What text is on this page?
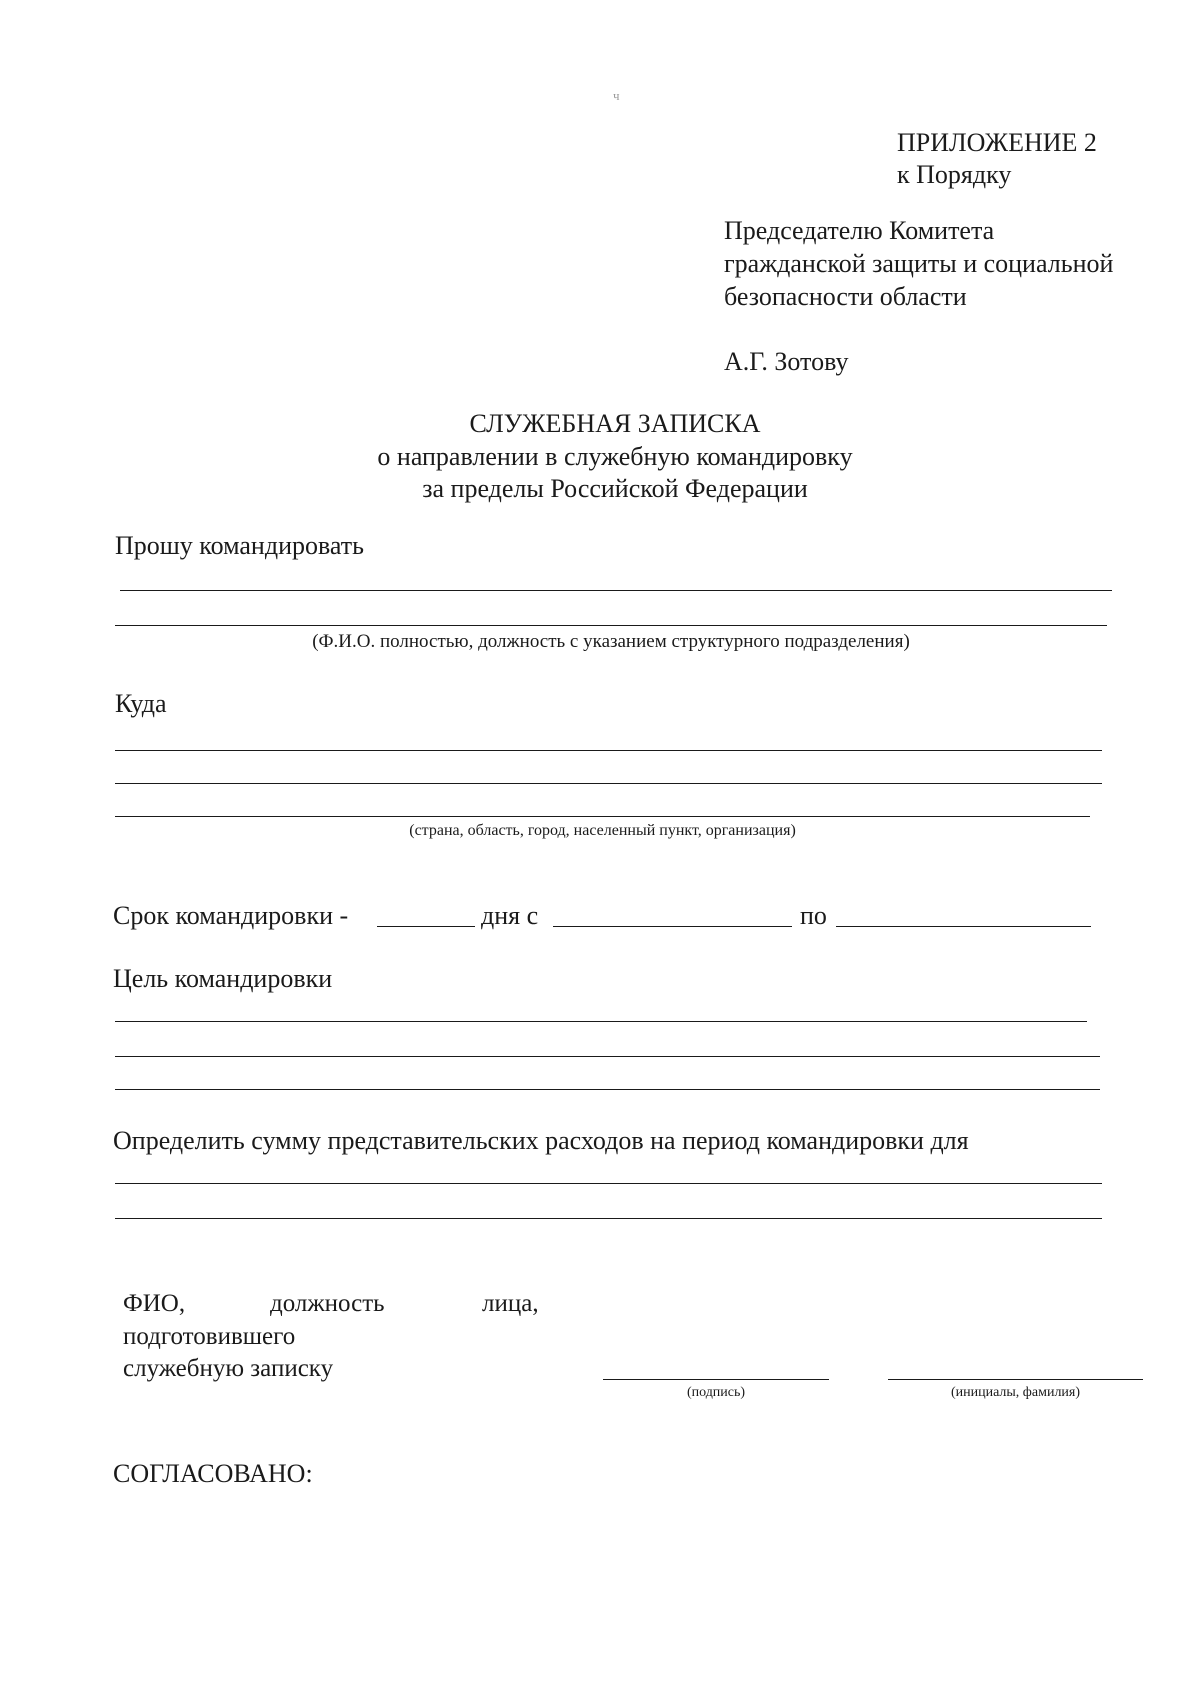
ч
ПРИЛОЖЕНИЕ 2
к Порядку
Председателю Комитета
гражданской защиты и социальной
безопасности области
А.Г. Зотову
СЛУЖЕБНАЯ ЗАПИСКА
о направлении в служебную командировку
за пределы Российской Федерации
Прошу командировать
(Ф.И.О. полностью, должность с указанием структурного подразделения)
Куда
(страна, область, город, населенный пункт, организация)
Срок командировки -	дня с	по
Цель командировки
Определить сумму представительских расходов на период командировки для
ФИО,	должность	лица,
подготовившего
служебную записку
(подпись)	(инициалы, фамилия)
СОГЛАСОВАНО:
